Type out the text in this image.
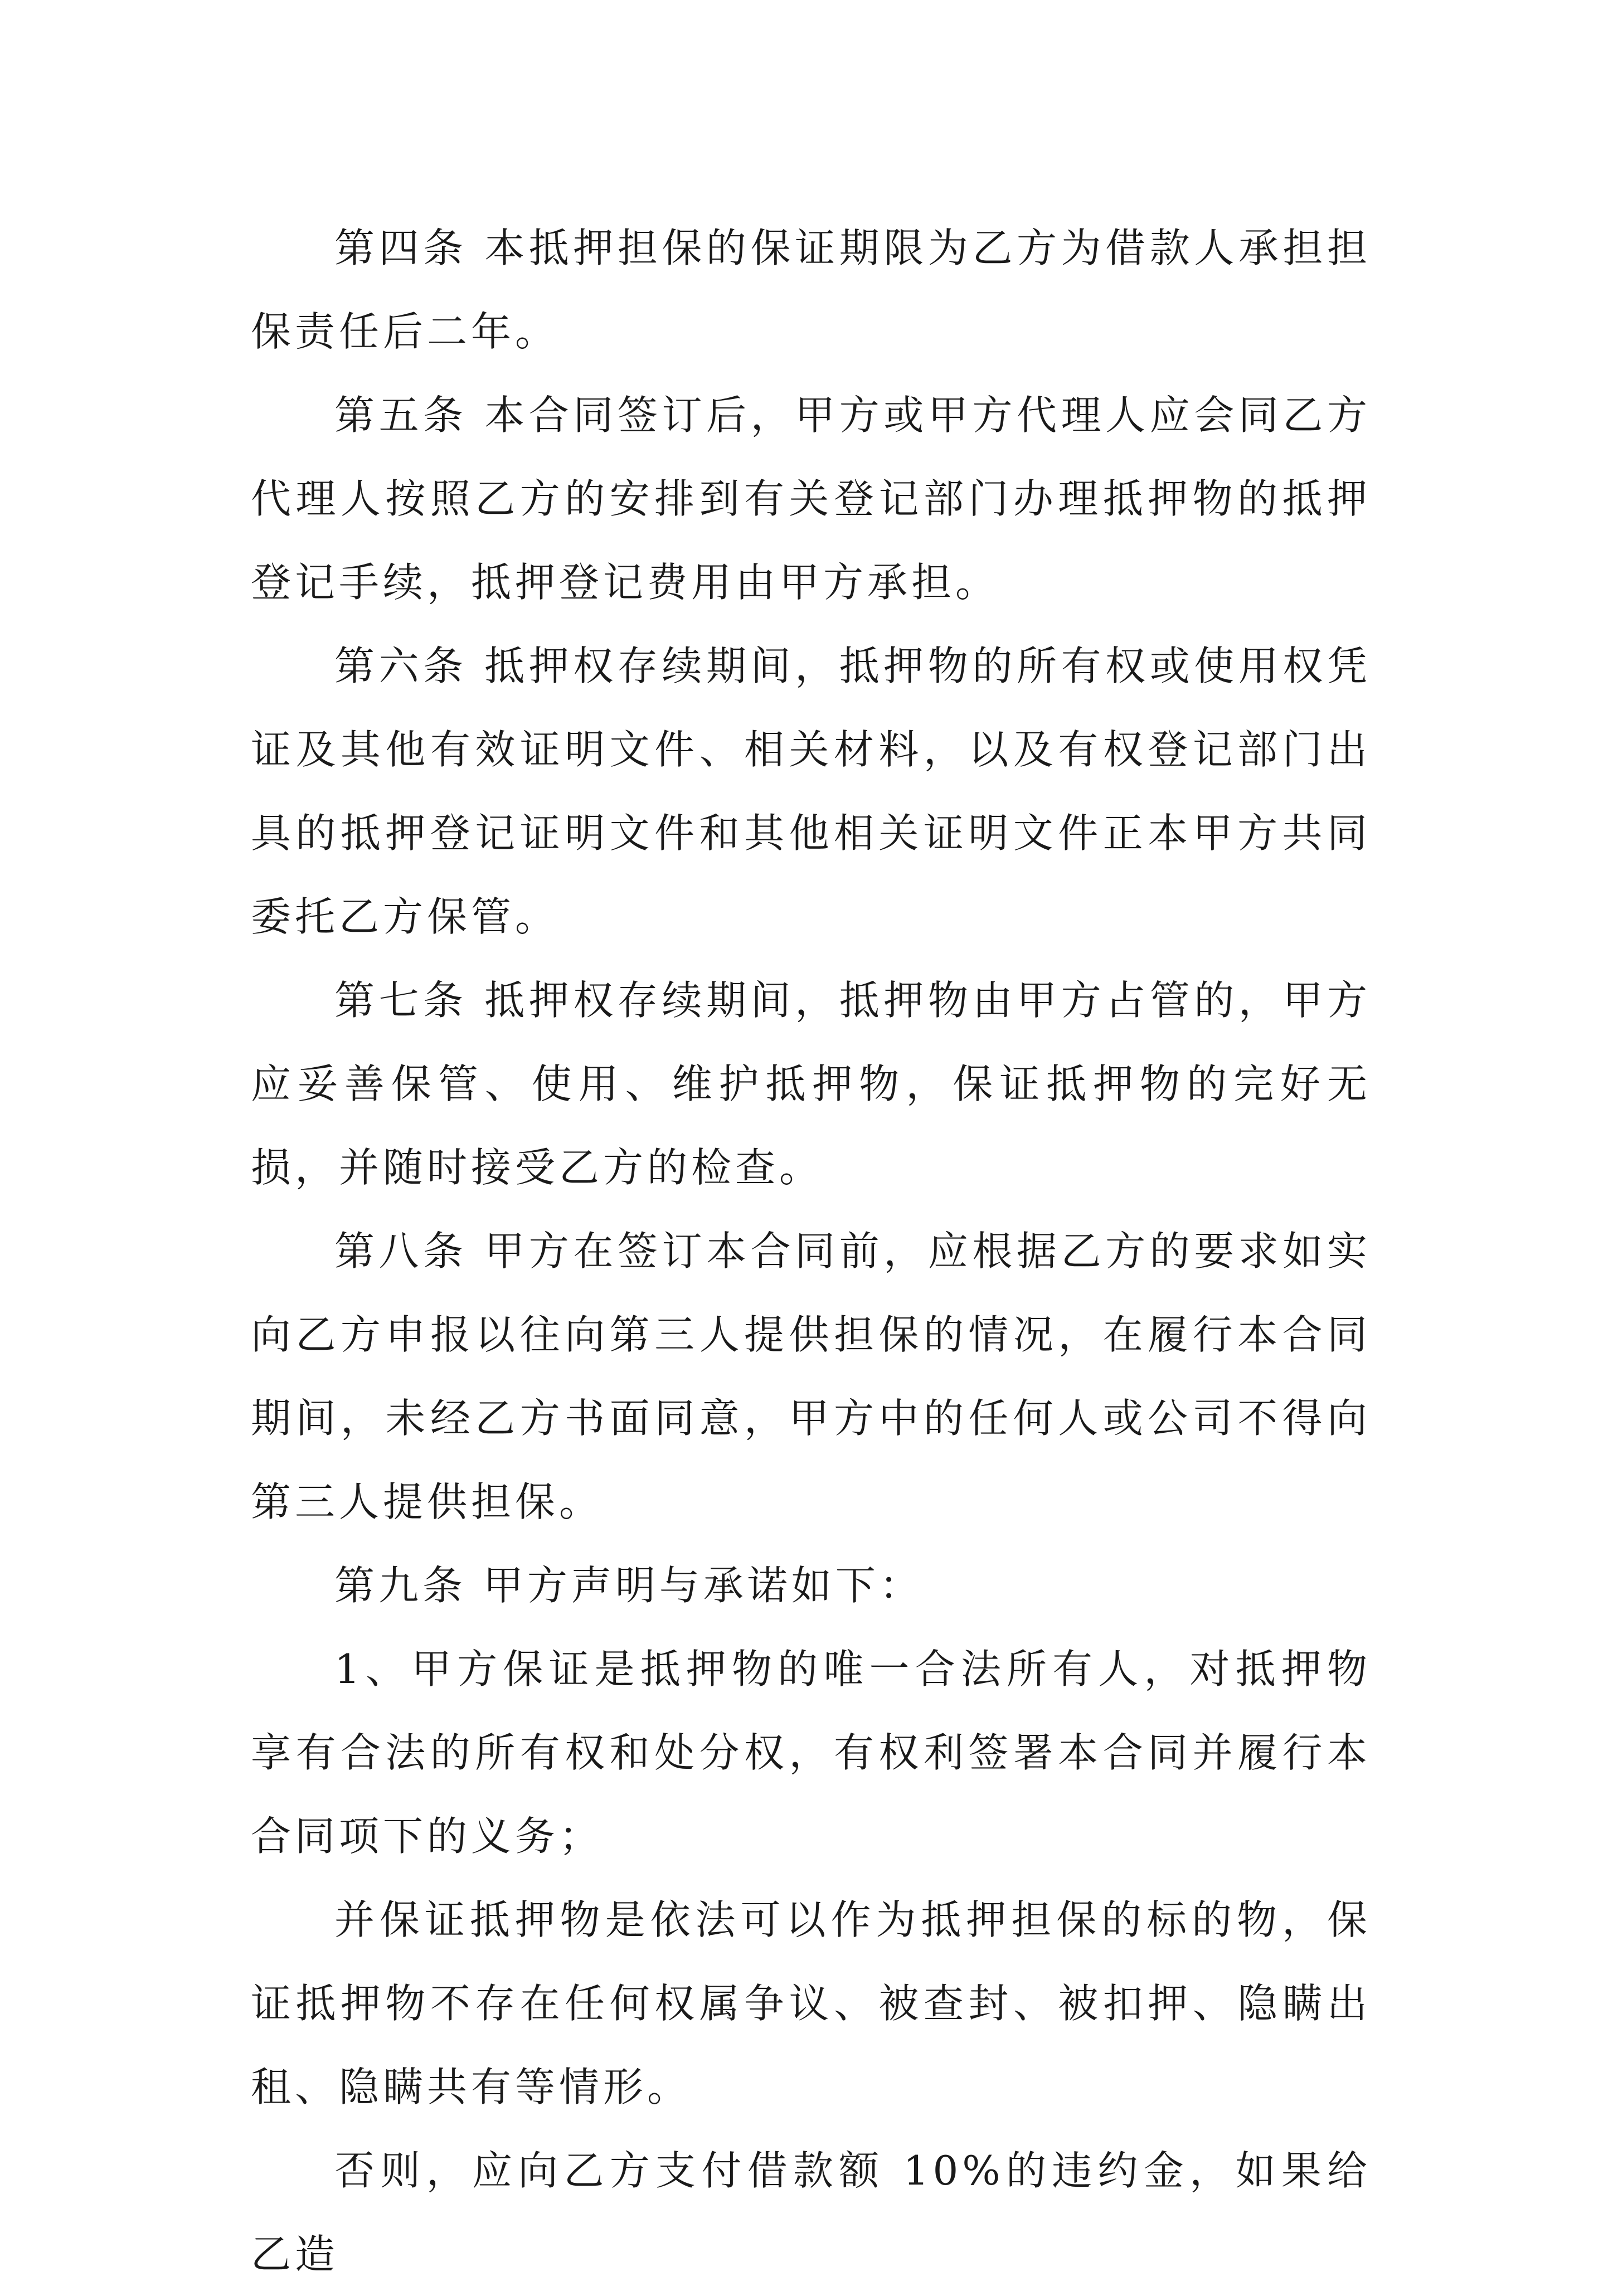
第四条 本抵押担保的保证期限为乙方为借款人承担担保责任后二年。

第五条 本合同签订后，甲方或甲方代理人应会同乙方代理人按照乙方的安排到有关登记部门办理抵押物的抵押登记手续，抵押登记费用由甲方承担。

第六条 抵押权存续期间，抵押物的所有权或使用权凭证及其他有效证明文件、相关材料，以及有权登记部门出具的抵押登记证明文件和其他相关证明文件正本甲方共同委托乙方保管。

第七条 抵押权存续期间，抵押物由甲方占管的，甲方应妥善保管、使用、维护抵押物，保证抵押物的完好无损，并随时接受乙方的检查。

第八条 甲方在签订本合同前，应根据乙方的要求如实向乙方申报以往向第三人提供担保的情况，在履行本合同期间，未经乙方书面同意，甲方中的任何人或公司不得向第三人提供担保。

第九条 甲方声明与承诺如下：

1、甲方保证是抵押物的唯一合法所有人，对抵押物享有合法的所有权和处分权，有权利签署本合同并履行本合同项下的义务；

并保证抵押物是依法可以作为抵押担保的标的物，保证抵押物不存在任何权属争议、被查封、被扣押、隐瞒出租、隐瞒共有等情形。

否则，应向乙方支付借款额 10%的违约金，如果给乙造
